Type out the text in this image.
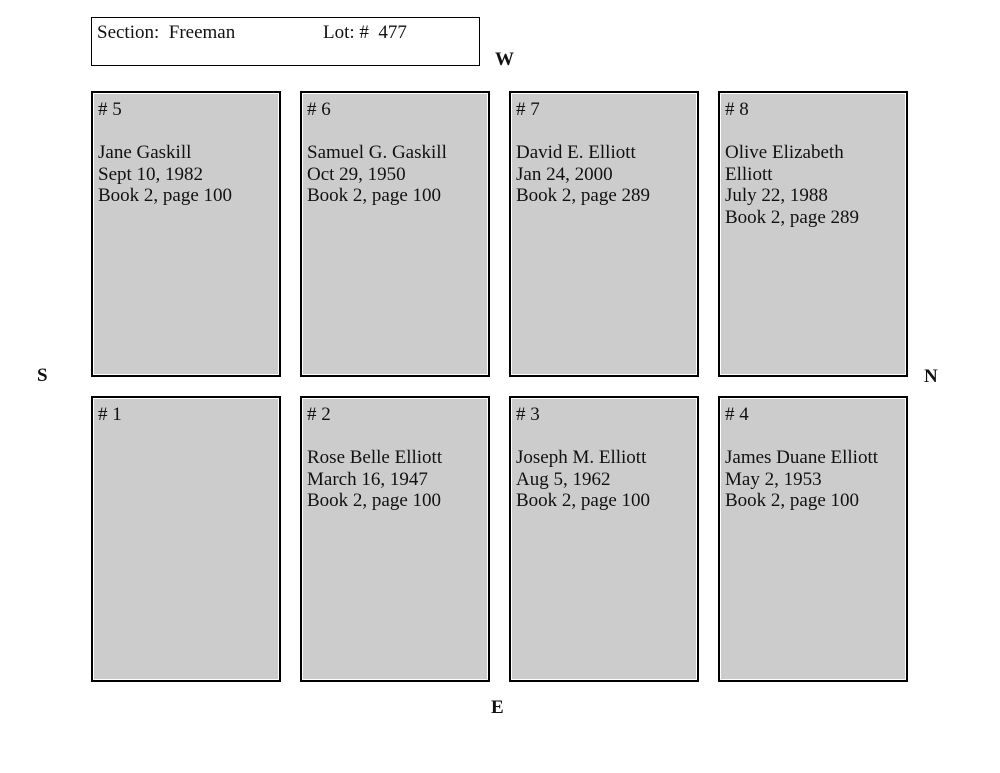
Section:  Freeman	Lot: #  477
W
E
S	N
# 5
Jane Gaskill
Sept 10, 1982
Book 2, page 100
# 6
Samuel G. Gaskill
Oct 29, 1950
Book 2, page 100
# 7
David E. Elliott
Jan 24, 2000
Book 2, page 289
# 8
Olive Elizabeth
Elliott
July 22, 1988
Book 2, page 289
# 1	# 2
Rose Belle Elliott
March 16, 1947
Book 2, page 100
# 3
Joseph M. Elliott
Aug 5, 1962
Book 2, page 100
# 4
James Duane Elliott
May 2, 1953
Book 2, page 100
